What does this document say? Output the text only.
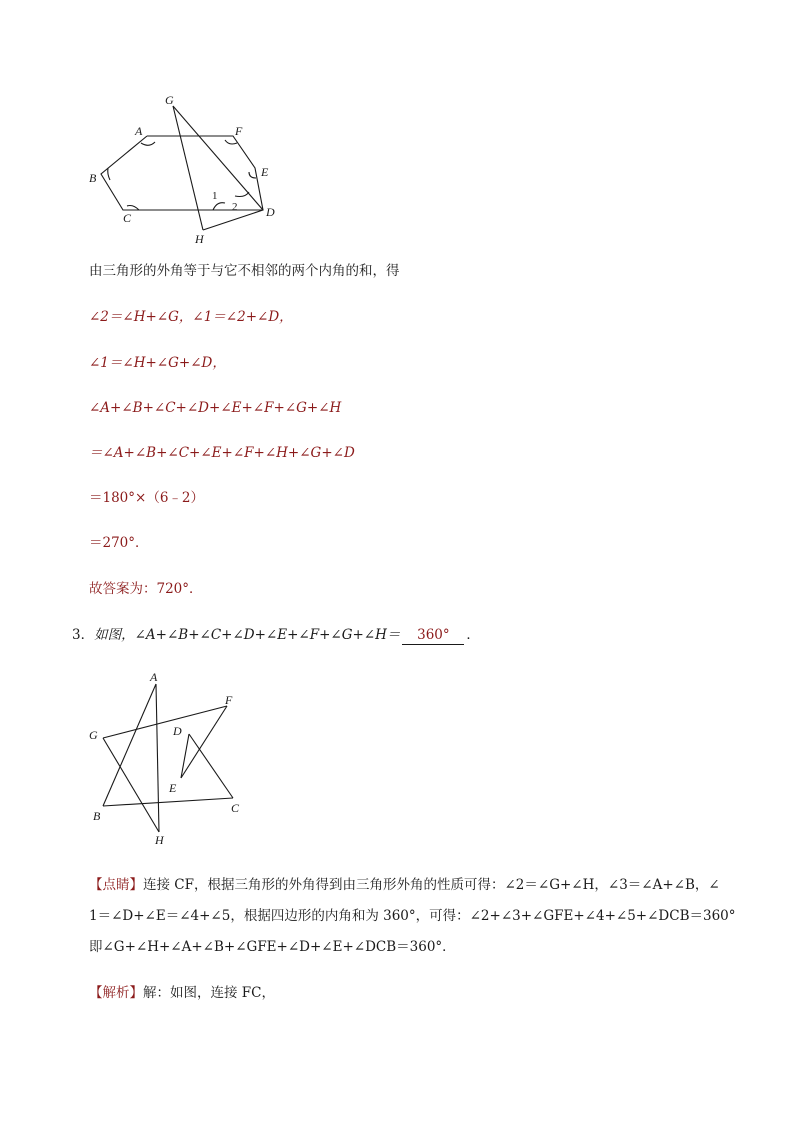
G
A	F
E
B
C	D
H
1
2
由三角形的外角等于与它不相邻的两个内角的和，得
∠2＝∠H+∠G，∠1＝∠2+∠D，
∠1＝∠H+∠G+∠D，
∠A+∠B+∠C+∠D+∠E+∠F+∠G+∠H
＝∠A+∠B+∠C+∠E+∠F+∠H+∠G+∠D
＝180°×（6﹣2）
＝270°．
故答案为：720°．
3．如图，∠A+∠B+∠C+∠D+∠E+∠F+∠G+∠H＝ 360° ．
A
F
G	D
E
C
B
H
【点睛】连接 CF，根据三角形的外角得到由三角形外角的性质可得：∠2＝∠G+∠H，∠3＝∠A+∠B，∠
1＝∠D+∠E＝∠4+∠5，根据四边形的内角和为 360°，可得：∠2+∠3+∠GFE+∠4+∠5+∠DCB＝360°
即∠G+∠H+∠A+∠B+∠GFE+∠D+∠E+∠DCB＝360°．
【解析】解：如图，连接 FC，
